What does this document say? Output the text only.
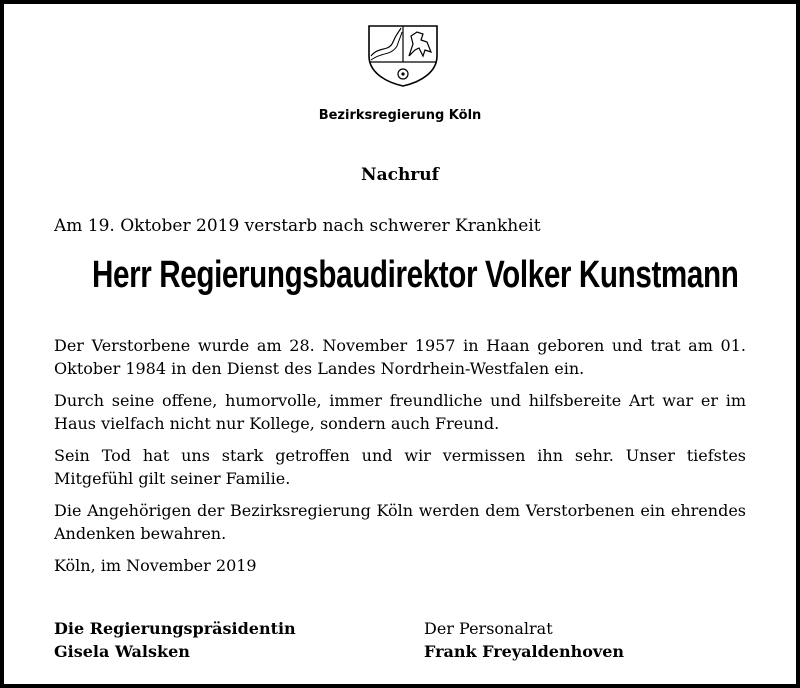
Bezirksregierung Köln
Nachruf
Am 19. Oktober 2019 verstarb nach schwerer Krankheit
Herr Regierungsbaudirektor Volker Kunstmann

Der Verstorbene wurde am 28. November 1957 in Haan geboren und trat am 01. Oktober 1984 in den Dienst des Landes Nordrhein-Westfalen ein.

Durch seine offene, humorvolle, immer freundliche und hilfsbereite Art war er im Haus vielfach nicht nur Kollege, sondern auch Freund.

Sein Tod hat uns stark getroffen und wir vermissen ihn sehr. Unser tiefstes Mitgefühl gilt seiner Familie.

Die Angehörigen der Bezirksregierung Köln werden dem Verstorbenen ein ehrendes Andenken bewahren.

Köln, im November 2019

Die Regierungspräsidentin
Gisela Walsken
Der Personalrat
Frank Freyaldenhoven
